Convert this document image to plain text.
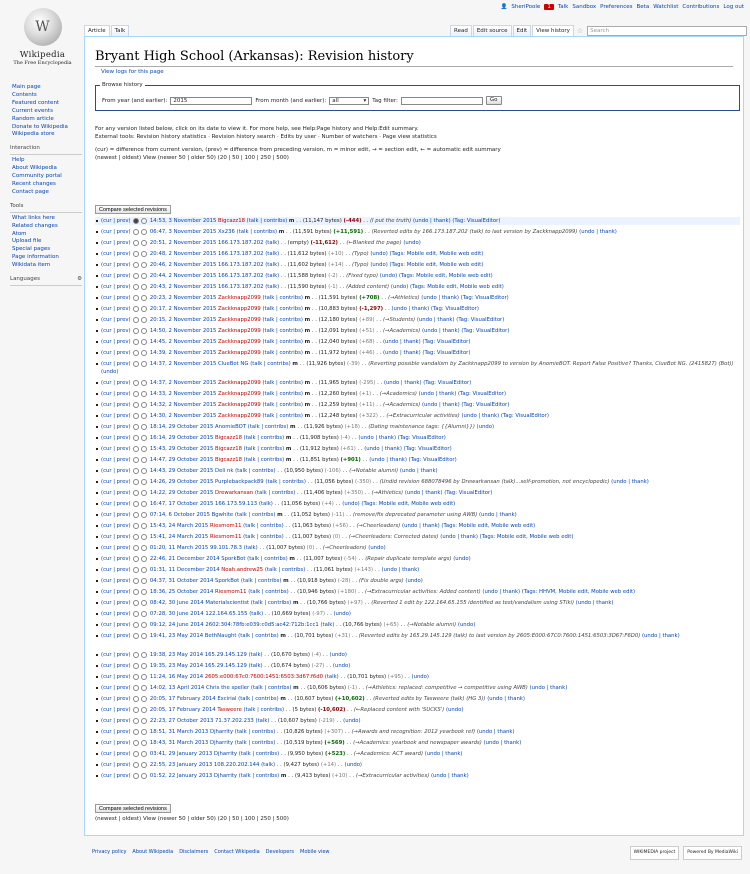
👤 SheriPoole	1	Talk Sandbox Preferences Beta Watchlist Contributions Log out
W
Wikipedia
The Free Encyclopedia
Main page
Contents
Featured content
Current events
Random article
Donate to Wikipedia
Wikipedia store
Interaction
Help
About Wikipedia
Community portal
Recent changes
Contact page
Tools
What links here
Related changes
Atom
Upload file
Special pages
Page information
Wikidata item
Languages	⚙
Article	Talk	Read	Edit source	Edit	View history	☆	Search
Bryant High School (Arkansas): Revision history
View logs for this page
Browse history
From year (and earlier):	2015	From month (and earlier): all	▾ Tag filter:	Go
For any version listed below, click on its date to view it. For more help, see Help:Page history and Help:Edit summary.
External tools: Revision history statistics · Revision history search · Edits by user · Number of watchers · Page view statistics
(cur) = difference from current version, (prev) = difference from preceding version, m = minor edit, → = section edit, ← = automatic edit summary
(newest | oldest) View (newer 50 | older 50) (20 | 50 | 100 | 250 | 500)
Compare selected revisions
(cur | prev)	14:53, 3 November 2015 Bigcazz18 (talk | contribs) m . . (11,147 bytes) (-444) . . (I put the truth) (undo | thank) (Tag: VisualEditor)
(cur | prev)	06:47, 3 November 2015 Xx236 (talk | contribs) m . . (11,591 bytes) (+11,591) . . (Reverted edits by 166.173.187.202 (talk) to last version by Zackknapp2099) (undo | thank)
(cur | prev)	20:51, 2 November 2015 166.173.187.202 (talk) . . (empty) (-11,612) . . (←Blanked the page) (undo)
(cur | prev)	20:48, 2 November 2015 166.173.187.202 (talk) . . (11,612 bytes) (+10) . . (Typo) (undo) (Tags: Mobile edit, Mobile web edit)
(cur | prev)	20:46, 2 November 2015 166.173.187.202 (talk) . . (11,602 bytes) (+14) . . (Typo) (undo) (Tags: Mobile edit, Mobile web edit)
(cur | prev)	20:44, 2 November 2015 166.173.187.202 (talk) . . (11,588 bytes) (-2) . . (Fixed typo) (undo) (Tags: Mobile edit, Mobile web edit)
(cur | prev)	20:43, 2 November 2015 166.173.187.202 (talk) . . (11,590 bytes) (-1) . . (Added content) (undo) (Tags: Mobile edit, Mobile web edit)
(cur | prev)	20:23, 2 November 2015 Zackknapp2099 (talk | contribs) m . . (11,591 bytes) (+708) . . (→Athletics) (undo | thank) (Tag: VisualEditor)
(cur | prev)	20:17, 2 November 2015 Zackknapp2099 (talk | contribs) m . . (10,883 bytes) (-1,297) . . (undo | thank) (Tag: VisualEditor)
(cur | prev)	20:15, 2 November 2015 Zackknapp2099 (talk | contribs) m . . (12,180 bytes) (+89) . . (→Students) (undo | thank) (Tag: VisualEditor)
(cur | prev)	14:50, 2 November 2015 Zackknapp2099 (talk | contribs) m . . (12,091 bytes) (+51) . . (→Academics) (undo | thank) (Tag: VisualEditor)
(cur | prev)	14:45, 2 November 2015 Zackknapp2099 (talk | contribs) m . . (12,040 bytes) (+68) . . (undo | thank) (Tag: VisualEditor)
(cur | prev)	14:39, 2 November 2015 Zackknapp2099 (talk | contribs) m . . (11,972 bytes) (+46) . . (undo | thank) (Tag: VisualEditor)
(cur | prev)	14:37, 2 November 2015 ClueBot NG (talk | contribs) m . . (11,926 bytes) (-39) . . (Reverting possible vandalism by Zackknapp2099 to version by AnomieBOT. Report False Positive? Thanks, ClueBot NG. (2415827) (Bot)) (undo)
(cur | prev)	14:37, 2 November 2015 Zackknapp2099 (talk | contribs) m . . (11,965 bytes) (-295) . . (undo | thank) (Tag: VisualEditor)
(cur | prev)	14:33, 2 November 2015 Zackknapp2099 (talk | contribs) m . . (12,260 bytes) (+1) . . (→Academics) (undo | thank) (Tag: VisualEditor)
(cur | prev)	14:32, 2 November 2015 Zackknapp2099 (talk | contribs) m . . (12,259 bytes) (+11) . . (→Academics) (undo | thank) (Tag: VisualEditor)
(cur | prev)	14:30, 2 November 2015 Zackknapp2099 (talk | contribs) m . . (12,248 bytes) (+322) . . (→Extracurricular activities) (undo | thank) (Tag: VisualEditor)
(cur | prev)	18:14, 29 October 2015 AnomieBOT (talk | contribs) m . . (11,926 bytes) (+18) . . (Dating maintenance tags: {{Alumni}}) (undo)
(cur | prev)	16:14, 29 October 2015 Bigcazz18 (talk | contribs) m . . (11,908 bytes) (-4) . . (undo | thank) (Tag: VisualEditor)
(cur | prev)	15:43, 29 October 2015 Bigcazz18 (talk | contribs) m . . (11,912 bytes) (+61) . . (undo | thank) (Tag: VisualEditor)
(cur | prev)	14:47, 29 October 2015 Bigcazz18 (talk | contribs) m . . (11,851 bytes) (+901) . . (undo | thank) (Tag: VisualEditor)
(cur | prev)	14:43, 29 October 2015 Deli nk (talk | contribs) . . (10,950 bytes) (-106) . . (→Notable alumni) (undo | thank)
(cur | prev)	14:26, 29 October 2015 Purplebackpack89 (talk | contribs) . . (11,056 bytes) (-350) . . (Undid revision 688078496 by Drewarkansan (talk)...self-promotion, not encyclopedic) (undo | thank)
(cur | prev)	14:22, 29 October 2015 Drewarkansan (talk | contribs) . . (11,406 bytes) (+350) . . (→Athletics) (undo | thank) (Tag: VisualEditor)
(cur | prev)	16:47, 17 October 2015 166.173.59.113 (talk) . . (11,056 bytes) (+4) . . (undo) (Tags: Mobile edit, Mobile web edit)
(cur | prev)	07:14, 6 October 2015 Bgwhite (talk | contribs) m . . (11,052 bytes) (-11) . . (remove/fix deprecated parameter using AWB) (undo | thank)
(cur | prev)	15:43, 24 March 2015 Riesmom11 (talk | contribs) . . (11,063 bytes) (+56) . . (→Cheerleaders) (undo | thank) (Tags: Mobile edit, Mobile web edit)
(cur | prev)	15:41, 24 March 2015 Riesmom11 (talk | contribs) . . (11,007 bytes) (0) . . (→Cheerleaders: Corrected dates) (undo | thank) (Tags: Mobile edit, Mobile web edit)
(cur | prev)	01:20, 11 March 2015 99.101.78.3 (talk) . . (11,007 bytes) (0) . . (→Cheerleaders) (undo)
(cur | prev)	22:46, 21 December 2014 SporkBot (talk | contribs) m . . (11,007 bytes) (-54) . . (Repair duplicate template args) (undo)
(cur | prev)	01:31, 11 December 2014 Noah.andrew25 (talk | contribs) . . (11,061 bytes) (+143) . . (undo | thank)
(cur | prev)	04:37, 31 October 2014 SporkBot (talk | contribs) m . . (10,918 bytes) (-28) . . (Fix double args) (undo)
(cur | prev)	18:36, 25 October 2014 Riesmom11 (talk | contribs) . . (10,946 bytes) (+180) . . (→Extracurricular activities: Added content) (undo | thank) (Tags: HHVM, Mobile edit, Mobile web edit)
(cur | prev)	08:42, 30 June 2014 Materialscientist (talk | contribs) m . . (10,766 bytes) (+97) . . (Reverted 1 edit by 122.164.65.155 identified as test/vandalism using STiki) (undo | thank)
(cur | prev)	07:28, 30 June 2014 122.164.65.155 (talk) . . (10,669 bytes) (-97) . . (undo)
(cur | prev)	09:12, 24 June 2014 2602:304:78fb:e039:c0d5:ac42:712b:1cc1 (talk) . . (10,766 bytes) (+65) . . (→Notable alumni) (undo)
(cur | prev)	19:41, 23 May 2014 BethNaught (talk | contribs) m . . (10,701 bytes) (+31) . . (Reverted edits by 165.29.145.129 (talk) to last version by 2605:E000:67C0:7600:1451:6503:3D67:F6D0) (undo | thank)
(cur | prev)	19:38, 23 May 2014 165.29.145.129 (talk) . . (10,670 bytes) (-4) . . (undo)
(cur | prev)	19:35, 23 May 2014 165.29.145.129 (talk) . . (10,674 bytes) (-27) . . (undo)
(cur | prev)	11:24, 16 May 2014 2605:e000:67c0:7600:1451:6503:3d67:f6d0 (talk) . . (10,701 bytes) (+95) . . (undo)
(cur | prev)	14:02, 13 April 2014 Chris the speller (talk | contribs) m . . (10,606 bytes) (-1) . . (→Athletics: replaced: competitive → competitive using AWB) (undo | thank)
(cur | prev)	20:05, 17 February 2014 Excirial (talk | contribs) m . . (10,607 bytes) (+10,602) . . (Reverted edits by Tasweere (talk) (HG 3)) (undo | thank)
(cur | prev)	20:05, 17 February 2014 Tasweere (talk | contribs) . . (5 bytes) (-10,602) . . (←Replaced content with 'SUCKS') (undo)
(cur | prev)	22:23, 27 October 2013 71.37.202.233 (talk) . . (10,607 bytes) (-219) . . (undo)
(cur | prev)	18:51, 31 March 2013 Djharrity (talk | contribs) . . (10,826 bytes) (+307) . . (→Awards and recognition: 2012 yearbook ref) (undo | thank)
(cur | prev)	18:43, 31 March 2013 Djharrity (talk | contribs) . . (10,519 bytes) (+569) . . (→Academics: yearbook and newspaper awards) (undo | thank)
(cur | prev)	03:41, 29 January 2013 Djharrity (talk | contribs) . . (9,950 bytes) (+523) . . (→Academics: ACT award) (undo | thank)
(cur | prev)	22:55, 23 January 2013 108.220.202.144 (talk) . . (9,427 bytes) (+14) . . (undo)
(cur | prev)	01:52, 22 January 2013 Djharrity (talk | contribs) m . . (9,413 bytes) (+10) . . (→Extracurricular activities) (undo | thank)
Compare selected revisions
(newest | oldest) View (newer 50 | older 50) (20 | 50 | 100 | 250 | 500)
Privacy policy About Wikipedia Disclaimers Contact Wikipedia Developers Mobile view	WIKIMEDIA project	Powered By MediaWiki
